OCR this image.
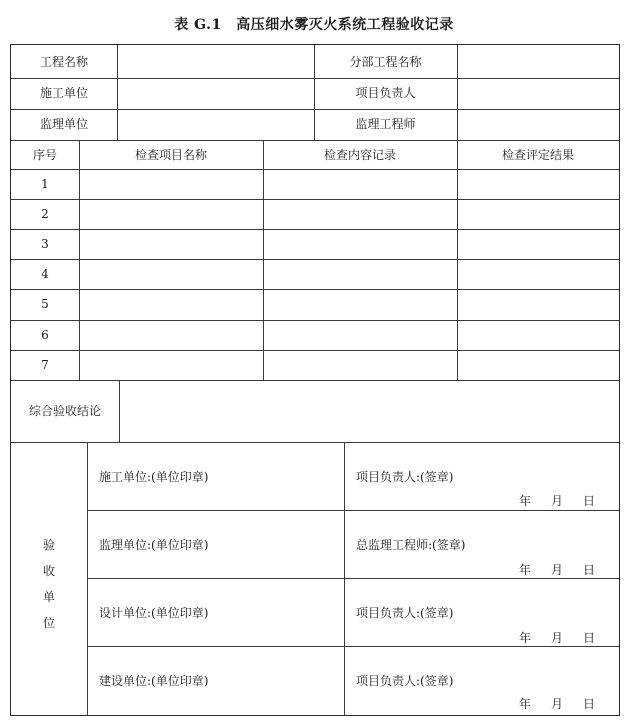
表 G.1　高压细水雾灭火系统工程验收记录
工程名称	分部工程名称
施工单位	项目负责人
监理单位	监理工程师
序号	检查项目名称	检查内容记录	检查评定结果
1
2
3
4
5
6
7
综合验收结论
验
收
单
位
施工单位:(单位印章)	项目负责人:(签章)
年 月 日
监理单位:(单位印章)	总监理工程师:(签章)
年 月 日
设计单位:(单位印章)	项目负责人:(签章)
年 月 日
建设单位:(单位印章)	项目负责人:(签章)
年 月 日
